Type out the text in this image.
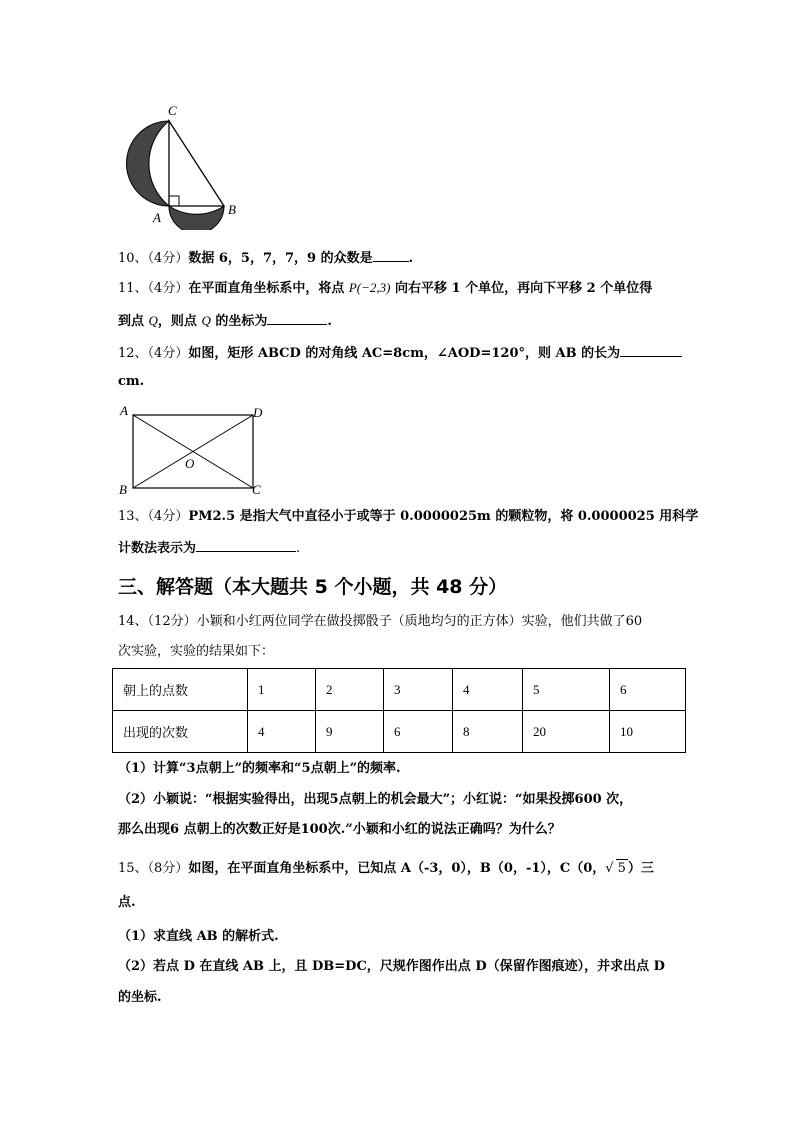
C
A
B
10、（4分）数据 6，5，7，7，9 的众数是	.
11、（4分）在平面直角坐标系中，将点 P(−2,3) 向右平移 1 个单位，再向下平移 2 个单位得
到点 Q，则点 Q 的坐标为	.
12、（4分）如图，矩形 ABCD 的对角线 AC=8cm，∠AOD=120°，则 AB 的长为
cm.
A	D
B	C
O
13、（4分）PM2.5 是指大气中直径小于或等于 0.0000025m 的颗粒物，将 0.0000025 用科学
计数法表示为	.
三、解答题（本大题共 5 个小题，共 48 分）
14、（12分）小颖和小红两位同学在做投掷骰子（质地均匀的正方体）实验，他们共做了60
次实验，实验的结果如下：
朝上的点数	1	2	3	4	5	6
出现的次数	4	9	6	8	20	10
（1）计算“3点朝上”的频率和“5点朝上”的频率.
（2）小颖说：“根据实验得出，出现5点朝上的机会最大”；小红说：“如果投掷600 次，
那么出现6 点朝上的次数正好是100次.”小颖和小红的说法正确吗？为什么？
15、（8分）如图，在平面直角坐标系中，已知点 A（-3，0），B（0，-1），C（0，√ 5 ）三
点.
（1）求直线 AB 的解析式.
（2）若点 D 在直线 AB 上，且 DB=DC，尺规作图作出点 D（保留作图痕迹），并求出点 D
的坐标.
